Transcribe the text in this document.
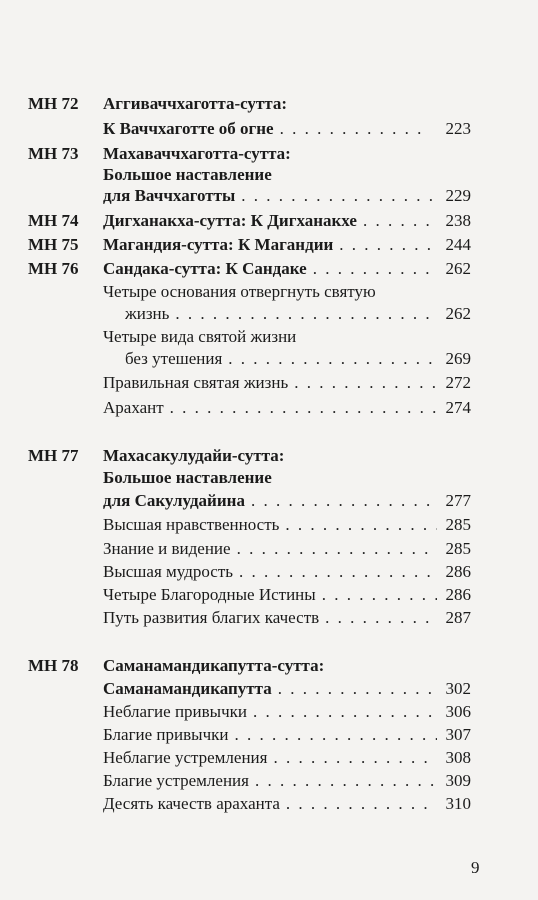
МН 72 Аггиваччхаготта-сутта:
К Ваччхаготте об огне . . .	223
МН 73 Махаваччхаготта-сутта:
Большое наставление
для Ваччхаготты . . .	229
МН 74 Дигханакха-сутта: К Дигханакхе . . .	238
МН 75 Магандия-сутта: К Магандии . . .	244
МН 76 Сандака-сутта: К Сандаке . . .	262
Четыре основания отвергнуть святую
жизнь . . .	262
Четыре вида святой жизни
без утешения . . .	269
Правильная святая жизнь . . .	272
Арахант . . .	274
МН 77 Махасакулудайи-сутта:
Большое наставление
для Сакулудайина . . .	277
Высшая нравственность . . .	285
Знание и видение . . .	285
Высшая мудрость . . .	286
Четыре Благородные Истины . . .	286
Путь развития благих качеств . . .	287
МН 78 Саманамандикапутта-сутта:
Саманамандикапутта . . .	302
Неблагие привычки . . .	306
Благие привычки . . .	307
Неблагие устремления . . .	308
Благие устремления . . .	309
Десять качеств араханта . . .	310
9
